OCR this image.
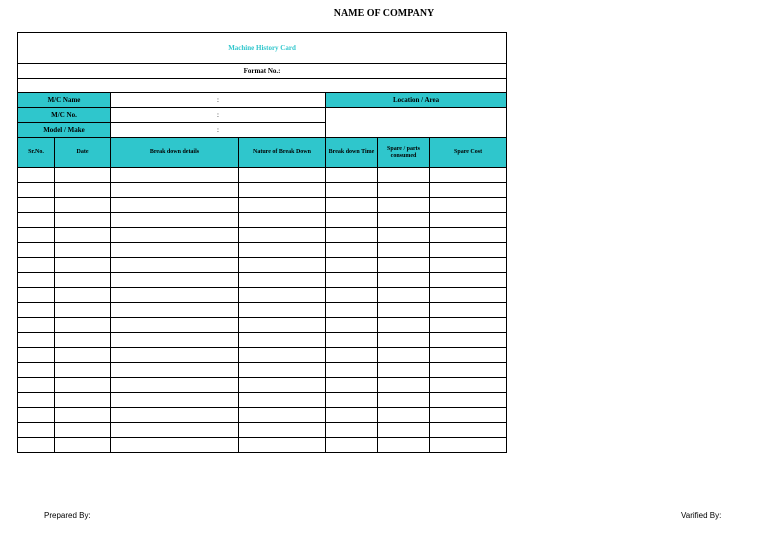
NAME OF COMPANY
Machine History Card						
Format No.:						

M/C Name		:		Location / Area		
M/C No.		:				
Model / Make		:				
Sr.No.	Date	Break down details	Nature of Break Down	Break down Time	Spare / parts consumed	Spare Cost

Prepared By:	Varified By:
